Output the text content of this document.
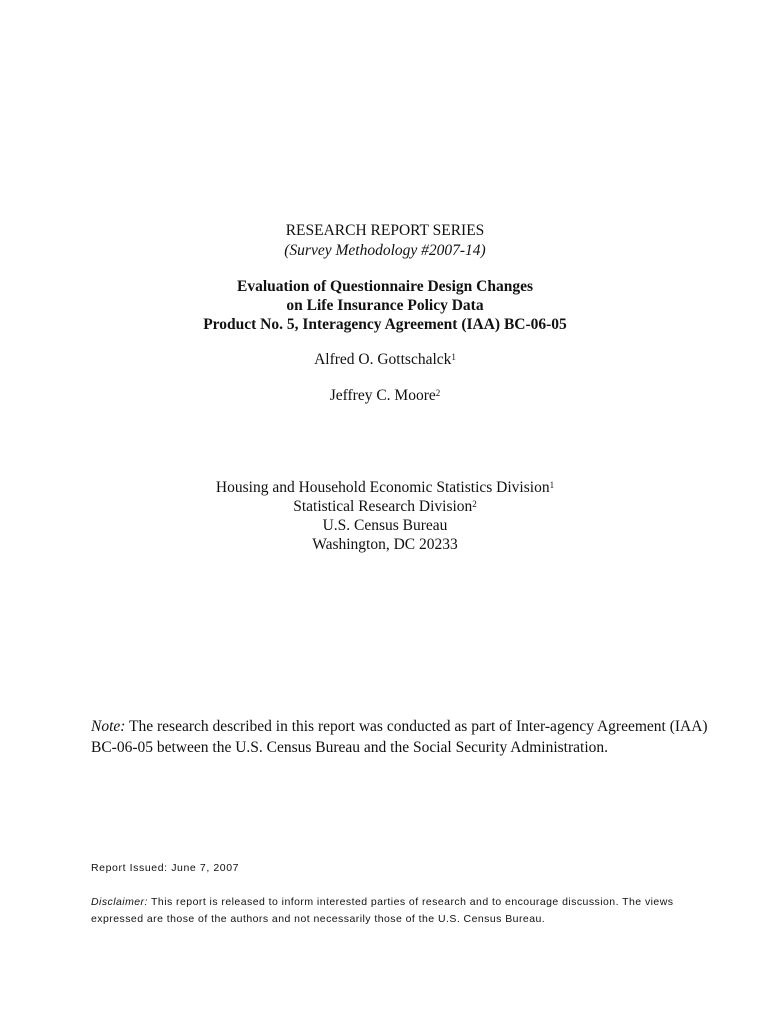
RESEARCH REPORT SERIES
(Survey Methodology #2007-14)
Evaluation of Questionnaire Design Changes
on Life Insurance Policy Data
Product No. 5, Interagency Agreement (IAA) BC-06-05
Alfred O. Gottschalck$^1$
Jeffrey C. Moore$^2$
Housing and Household Economic Statistics Division$^1$
Statistical Research Division$^2$
U.S. Census Bureau
Washington, DC 20233

Note: The research described in this report was conducted as part of Inter-agency Agreement (IAA)

BC-06-05 between the U.S. Census Bureau and the Social Security Administration.

Report Issued: June 7, 2007

Disclaimer: This report is released to inform interested parties of research and to encourage discussion. The views

expressed are those of the authors and not necessarily those of the U.S. Census Bureau.
